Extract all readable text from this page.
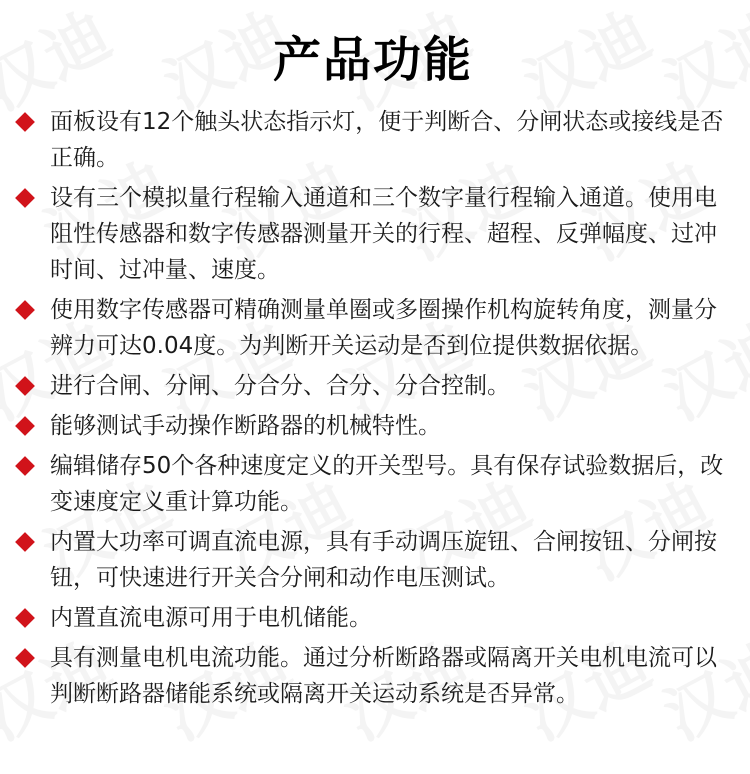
产品功能
面板设有12个触头状态指示灯，便于判断合、分闸状态或接线是否正确。
设有三个模拟量行程输入通道和三个数字量行程输入通道。使用电阻性传感器和数字传感器测量开关的行程、超程、反弹幅度、过冲时间、过冲量、速度。
使用数字传感器可精确测量单圈或多圈操作机构旋转角度，测量分辨力可达0.04度。为判断开关运动是否到位提供数据依据。
进行合闸、分闸、分合分、合分、分合控制。
能够测试手动操作断路器的机械特性。
编辑储存50个各种速度定义的开关型号。具有保存试验数据后，改变速度定义重计算功能。
内置大功率可调直流电源，具有手动调压旋钮、合闸按钮、分闸按钮，可快速进行开关合分闸和动作电压测试。
内置直流电源可用于电机储能。
具有测量电机电流功能。通过分析断路器或隔离开关电机电流可以判断断路器储能系统或隔离开关运动系统是否异常。
